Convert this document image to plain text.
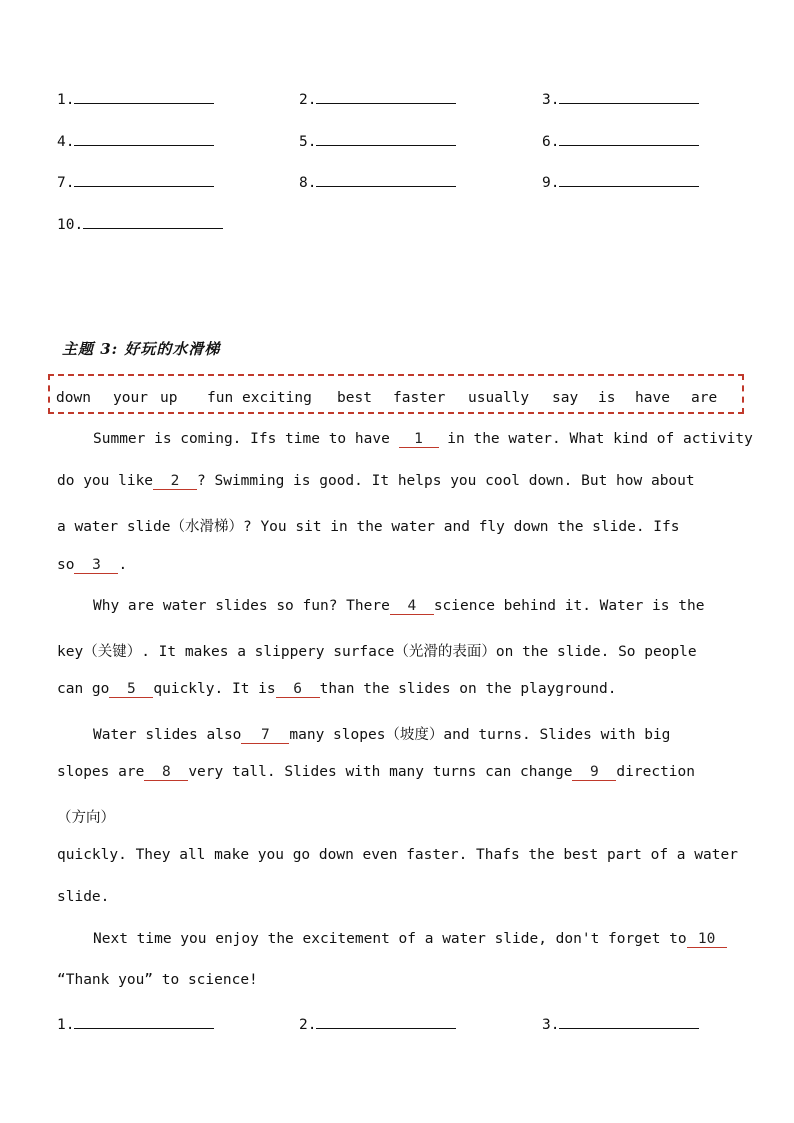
1.	2.	3.
4.	5.	6.
7.	8.	9.
10.
主题 3: 好玩的水滑梯
down your up fun exciting best faster usually say is have are
Summer is coming. Ifs time to have 1 in the water. What kind of activity
do you like 2 ? Swimming is good. It helps you cool down. But how about
a water slide（水滑梯）? You sit in the water and fly down the slide. Ifs
so 3 .
Why are water slides so fun? There 4 science behind it. Water is the
key（关键）. It makes a slippery surface（光滑的表面）on the slide. So people
can go 5 quickly. It is 6 than the slides on the playground.
Water slides also 7 many slopes（坡度）and turns. Slides with big
slopes are 8 very tall. Slides with many turns can change 9 direction
（方向）
quickly. They all make you go down even faster. Thafs the best part of a water
slide.
Next time you enjoy the excitement of a water slide, don't forget to 10
“Thank you” to science!
1.	2.	3.
